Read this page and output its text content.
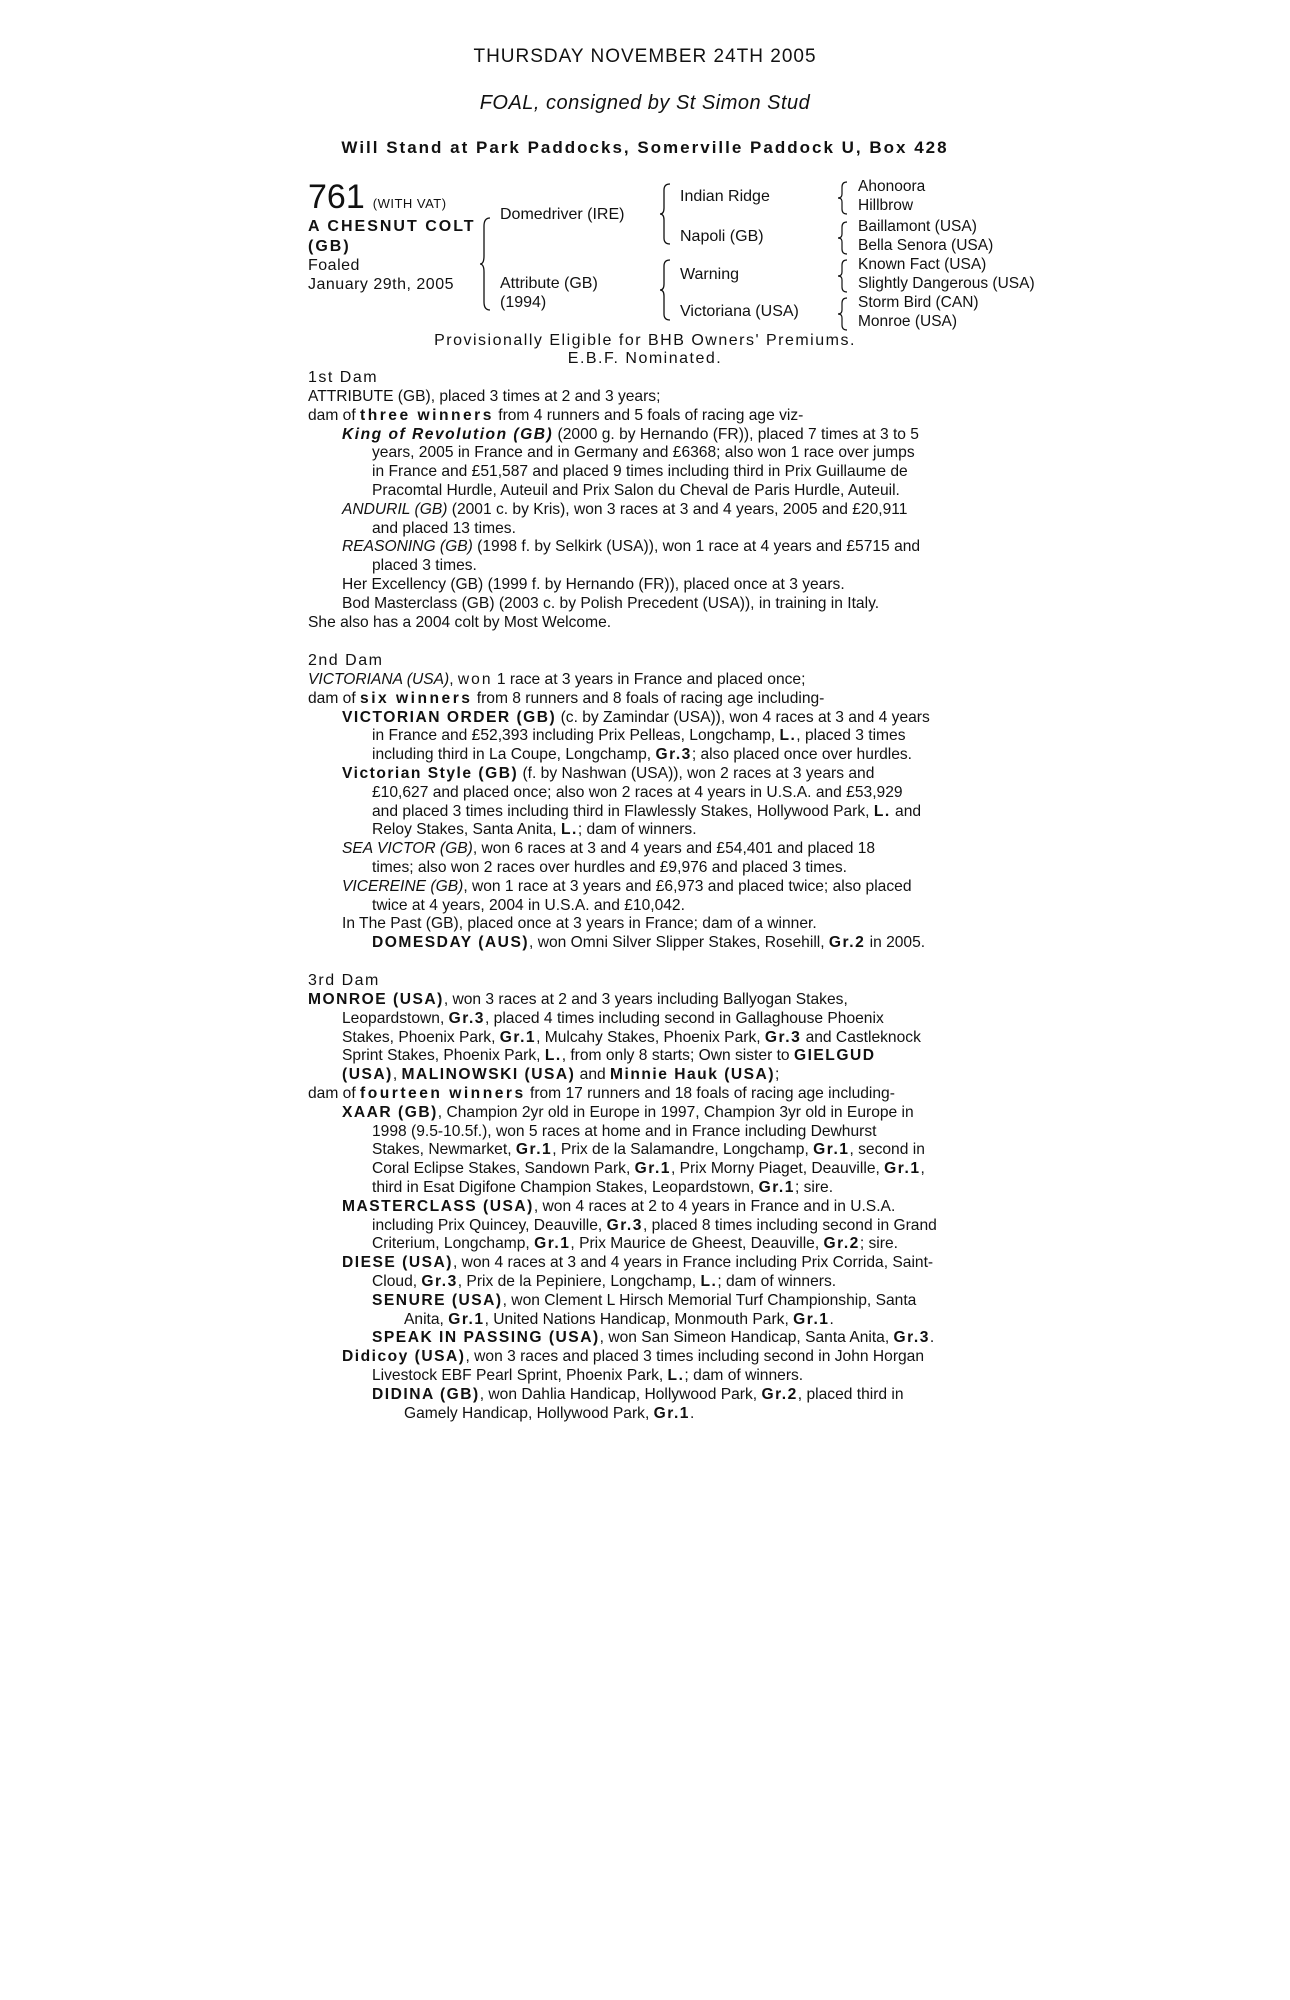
THURSDAY NOVEMBER 24TH 2005
FOAL, consigned by St Simon Stud
Will Stand at Park Paddocks, Somerville Paddock U, Box 428
761 (WITH VAT)
A CHESNUT COLT
(GB)
Foaled
January 29th, 2005
Domedriver (IRE)
Attribute (GB)
(1994)
Indian Ridge
Napoli (GB)
Warning
Victoriana (USA)
Ahonoora
Hillbrow
Baillamont (USA)
Bella Senora (USA)
Known Fact (USA)
Slightly Dangerous (USA)
Storm Bird (CAN)
Monroe (USA)
Provisionally Eligible for BHB Owners' Premiums.
E.B.F. Nominated.
1st Dam
ATTRIBUTE (GB), placed 3 times at 2 and 3 years;
dam of three winners from 4 runners and 5 foals of racing age viz-
King of Revolution (GB) (2000 g. by Hernando (FR)), placed 7 times at 3 to 5
years, 2005 in France and in Germany and £6368; also won 1 race over jumps
in France and £51,587 and placed 9 times including third in Prix Guillaume de
Pracomtal Hurdle, Auteuil and Prix Salon du Cheval de Paris Hurdle, Auteuil.
ANDURIL (GB) (2001 c. by Kris), won 3 races at 3 and 4 years, 2005 and £20,911
and placed 13 times.
REASONING (GB) (1998 f. by Selkirk (USA)), won 1 race at 4 years and £5715 and
placed 3 times.
Her Excellency (GB) (1999 f. by Hernando (FR)), placed once at 3 years.
Bod Masterclass (GB) (2003 c. by Polish Precedent (USA)), in training in Italy.
She also has a 2004 colt by Most Welcome.
2nd Dam
VICTORIANA (USA), won 1 race at 3 years in France and placed once;
dam of six winners from 8 runners and 8 foals of racing age including-
VICTORIAN ORDER (GB) (c. by Zamindar (USA)), won 4 races at 3 and 4 years
in France and £52,393 including Prix Pelleas, Longchamp, L., placed 3 times
including third in La Coupe, Longchamp, Gr.3; also placed once over hurdles.
Victorian Style (GB) (f. by Nashwan (USA)), won 2 races at 3 years and
£10,627 and placed once; also won 2 races at 4 years in U.S.A. and £53,929
and placed 3 times including third in Flawlessly Stakes, Hollywood Park, L. and
Reloy Stakes, Santa Anita, L.; dam of winners.
SEA VICTOR (GB), won 6 races at 3 and 4 years and £54,401 and placed 18
times; also won 2 races over hurdles and £9,976 and placed 3 times.
VICEREINE (GB), won 1 race at 3 years and £6,973 and placed twice; also placed
twice at 4 years, 2004 in U.S.A. and £10,042.
In The Past (GB), placed once at 3 years in France; dam of a winner.
DOMESDAY (AUS), won Omni Silver Slipper Stakes, Rosehill, Gr.2 in 2005.
3rd Dam
MONROE (USA), won 3 races at 2 and 3 years including Ballyogan Stakes,
Leopardstown, Gr.3, placed 4 times including second in Gallaghouse Phoenix
Stakes, Phoenix Park, Gr.1, Mulcahy Stakes, Phoenix Park, Gr.3 and Castleknock
Sprint Stakes, Phoenix Park, L., from only 8 starts; Own sister to GIELGUD
(USA), MALINOWSKI (USA) and Minnie Hauk (USA);
dam of fourteen winners from 17 runners and 18 foals of racing age including-
XAAR (GB), Champion 2yr old in Europe in 1997, Champion 3yr old in Europe in
1998 (9.5-10.5f.), won 5 races at home and in France including Dewhurst
Stakes, Newmarket, Gr.1, Prix de la Salamandre, Longchamp, Gr.1, second in
Coral Eclipse Stakes, Sandown Park, Gr.1, Prix Morny Piaget, Deauville, Gr.1,
third in Esat Digifone Champion Stakes, Leopardstown, Gr.1; sire.
MASTERCLASS (USA), won 4 races at 2 to 4 years in France and in U.S.A.
including Prix Quincey, Deauville, Gr.3, placed 8 times including second in Grand
Criterium, Longchamp, Gr.1, Prix Maurice de Gheest, Deauville, Gr.2; sire.
DIESE (USA), won 4 races at 3 and 4 years in France including Prix Corrida, Saint-
Cloud, Gr.3, Prix de la Pepiniere, Longchamp, L.; dam of winners.
SENURE (USA), won Clement L Hirsch Memorial Turf Championship, Santa
Anita, Gr.1, United Nations Handicap, Monmouth Park, Gr.1.
SPEAK IN PASSING (USA), won San Simeon Handicap, Santa Anita, Gr.3.
Didicoy (USA), won 3 races and placed 3 times including second in John Horgan
Livestock EBF Pearl Sprint, Phoenix Park, L.; dam of winners.
DIDINA (GB), won Dahlia Handicap, Hollywood Park, Gr.2, placed third in
Gamely Handicap, Hollywood Park, Gr.1.
